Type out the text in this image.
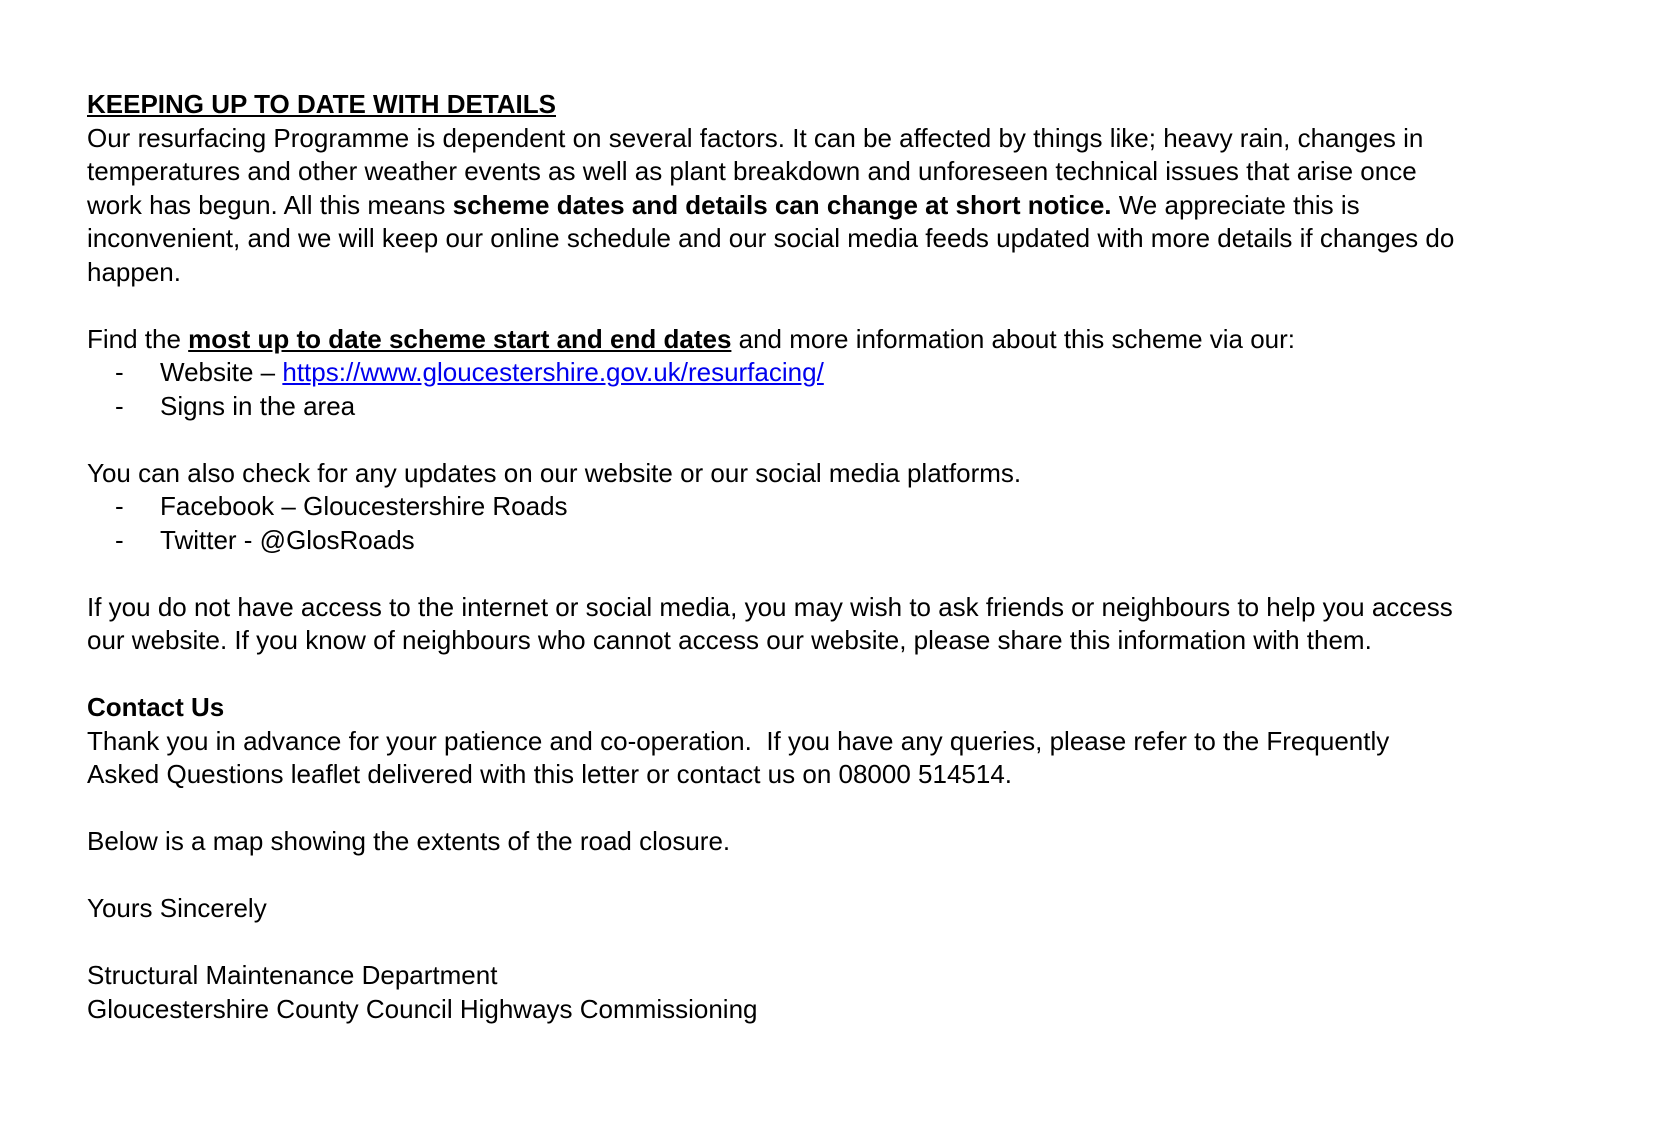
KEEPING UP TO DATE WITH DETAILS

Our resurfacing Programme is dependent on several factors. It can be affected by things like; heavy rain, changes in temperatures and other weather events as well as plant breakdown and unforeseen technical issues that arise once work has begun. All this means scheme dates and details can change at short notice. We appreciate this is inconvenient, and we will keep our online schedule and our social media feeds updated with more details if changes do happen.

Find the most up to date scheme start and end dates and more information about this scheme via our:

-	Website – https://www.gloucestershire.gov.uk/resurfacing/
-	Signs in the area

You can also check for any updates on our website or our social media platforms.

-	Facebook – Gloucestershire Roads
-	Twitter - @GlosRoads

If you do not have access to the internet or social media, you may wish to ask friends or neighbours to help you access our website. If you know of neighbours who cannot access our website, please share this information with them.

Contact Us

Thank you in advance for your patience and co-operation.  If you have any queries, please refer to the Frequently Asked Questions leaflet delivered with this letter or contact us on 08000 514514.

Below is a map showing the extents of the road closure.

Yours Sincerely

Structural Maintenance Department

Gloucestershire County Council Highways Commissioning
